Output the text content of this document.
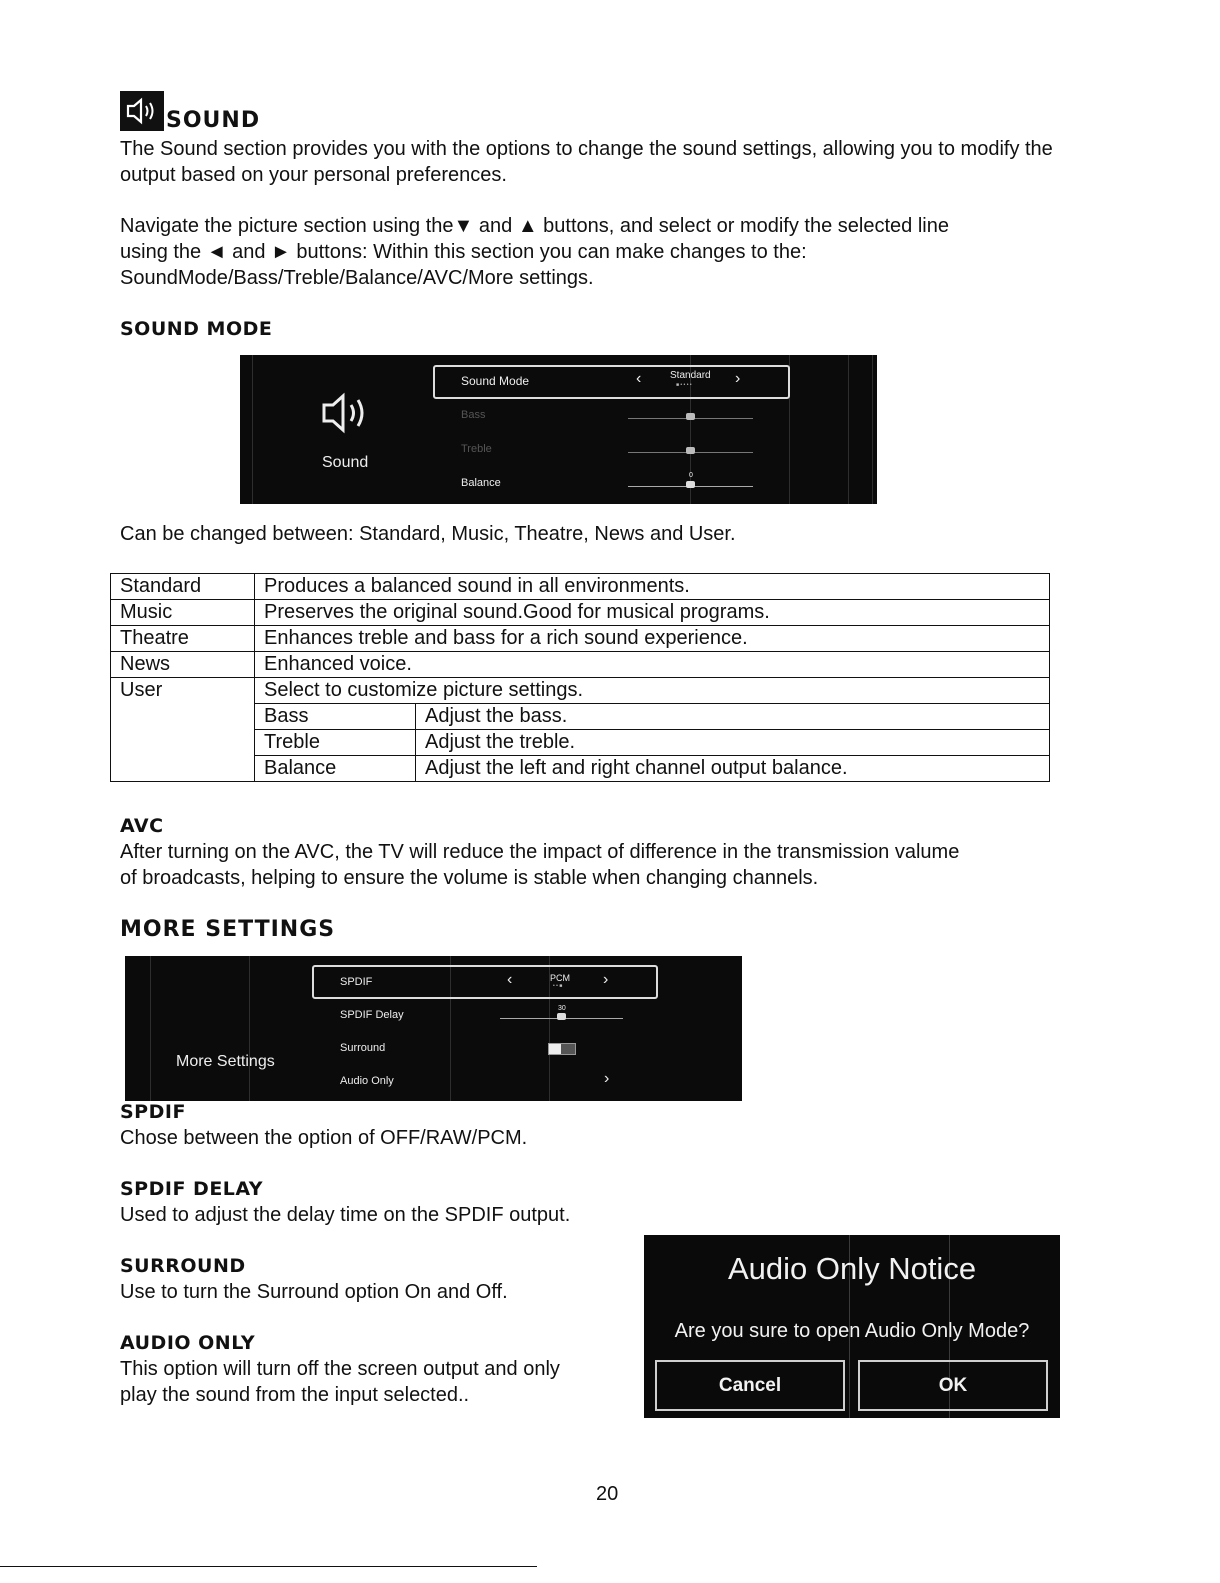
SOUND
The Sound section provides you with the options to change the sound settings, allowing you to modify the output based on your personal preferences.
Navigate the picture section using the▼ and ▲ buttons, and select or modify the selected line
using the ◄ and ► buttons: Within this section you can make changes to the:
SoundMode/Bass/Treble/Balance/AVC/More settings.
SOUND MODE
Sound
Sound Mode	‹	Standard
■ • • • •	›
Bass
Treble
Balance
0
Can be changed between: Standard, Music, Theatre, News and User.
Standard	Produces a balanced sound in all environments.	
Music	Preserves the original sound.Good for musical programs.	
Theatre	Enhances treble and bass for a rich sound experience.	
News	Enhanced voice.	
User	Select to customize picture settings.	
	Bass	Adjust the bass.
	Treble	Adjust the treble.
	Balance	Adjust the left and right channel output balance.
AVC
After turning on the AVC, the TV will reduce the impact of difference in the transmission valume
of broadcasts, helping to ensure the volume is stable when changing channels.
MORE SETTINGS
More Settings
SPDIF	‹	PCM
• • ■	›
SPDIF Delay
30
Surround
Audio Only	›
SPDIF
Chose between the option of OFF/RAW/PCM.
SPDIF DELAY
Used to adjust the delay time on the SPDIF output.
SURROUND
Use to turn the Surround option On and Off.
AUDIO ONLY
This option will turn off the screen output and only
play the sound from the input selected..
Audio Only Notice
Are you sure to open Audio Only Mode?
Cancel	OK
20
